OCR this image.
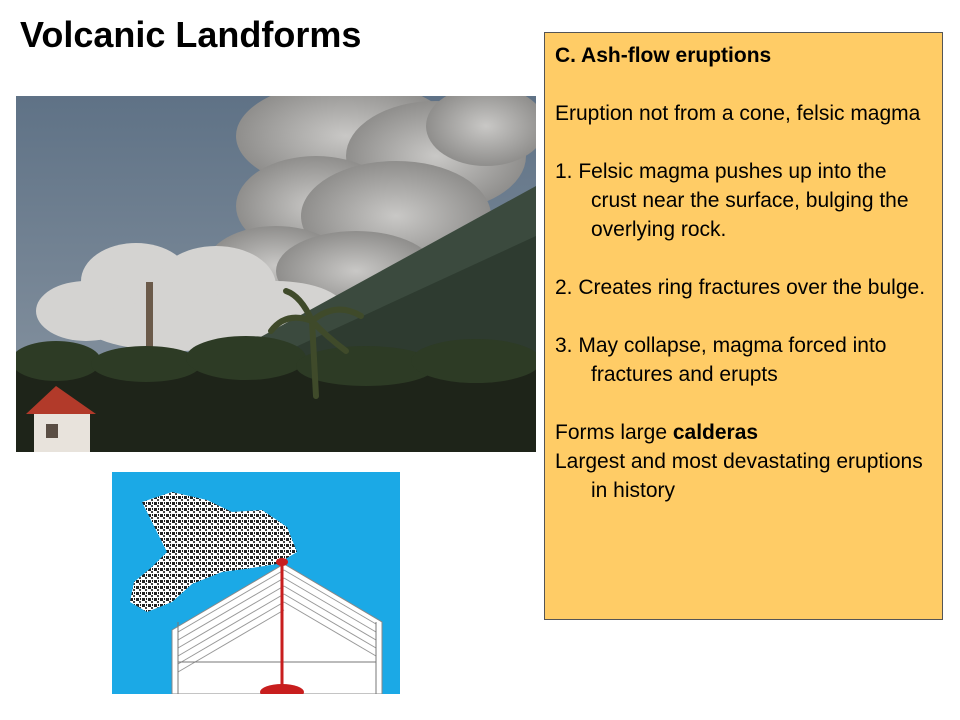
Volcanic Landforms

C. Ash-flow eruptions

Eruption not from a cone, felsic magma

1. Felsic magma pushes up into the crust near the surface, bulging the overlying rock.

2. Creates ring fractures over the bulge.

3. May collapse, magma forced into fractures and erupts

Forms large calderas

Largest and most devastating eruptions in history
